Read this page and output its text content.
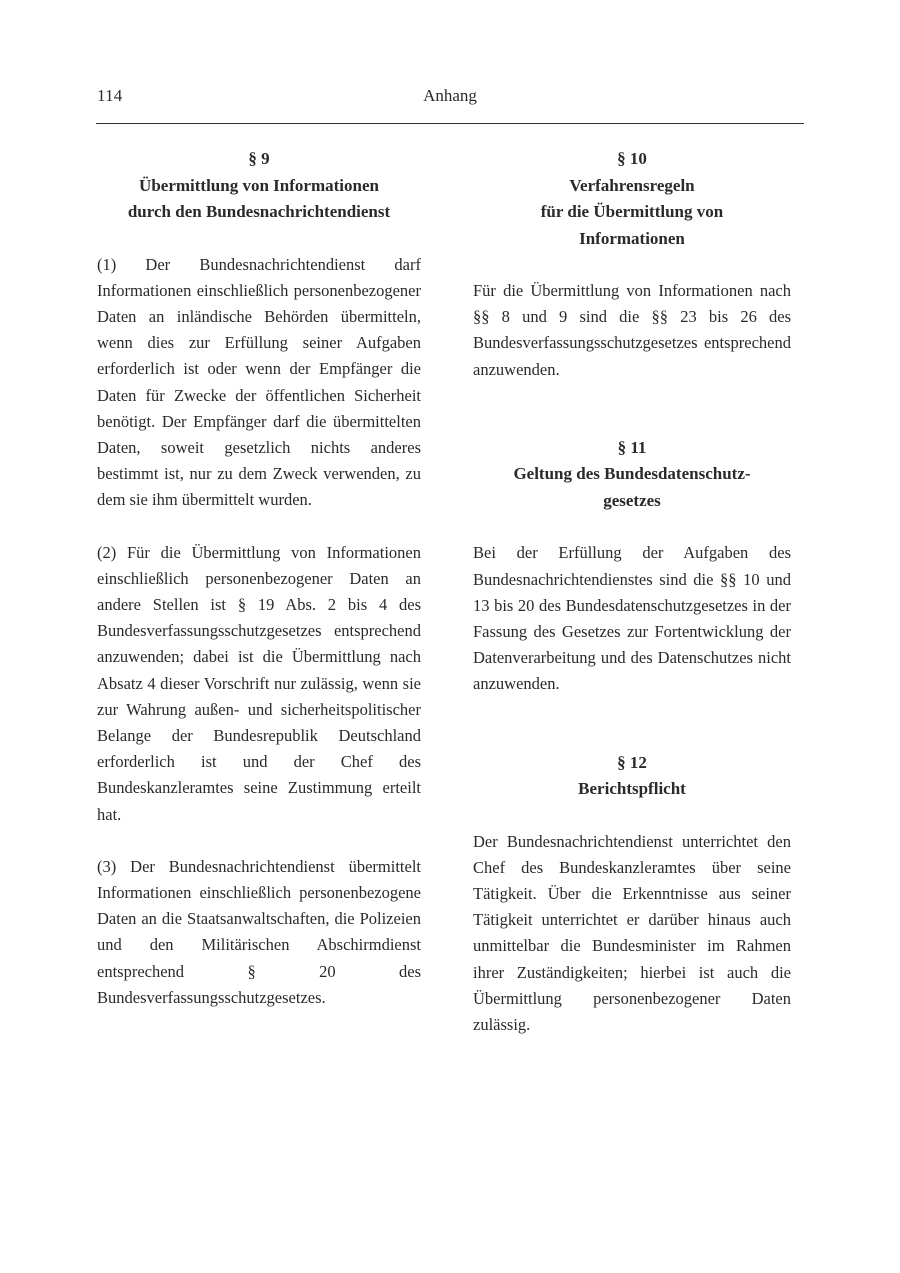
114	Anhang
§ 9
Übermittlung von Informationen
durch den Bundesnachrichtendienst

(1) Der Bundesnachrichtendienst darf Informationen einschließlich personenbezogener Daten an inländische Behörden übermitteln, wenn dies zur Erfüllung seiner Aufgaben erforderlich ist oder wenn der Empfänger die Daten für Zwecke der öffentlichen Sicherheit benötigt. Der Empfänger darf die übermittelten Daten, soweit gesetzlich nichts anderes bestimmt ist, nur zu dem Zweck verwenden, zu dem sie ihm übermittelt wurden.

(2) Für die Übermittlung von Informationen einschließlich personenbezogener Daten an andere Stellen ist § 19 Abs. 2 bis 4 des Bundesverfassungsschutzgesetzes entsprechend anzuwenden; dabei ist die Übermittlung nach Absatz 4 dieser Vorschrift nur zulässig, wenn sie zur Wahrung außen- und sicherheitspolitischer Belange der Bundesrepublik Deutschland erforderlich ist und der Chef des Bundeskanzleramtes seine Zustimmung erteilt hat.

(3) Der Bundesnachrichtendienst übermittelt Informationen einschließlich personenbezogene Daten an die Staatsanwaltschaften, die Polizeien und den Militärischen Abschirmdienst entsprechend § 20 des Bundesverfassungsschutzgesetzes.

§ 10
Verfahrensregeln
für die Übermittlung von
Informationen

Für die Übermittlung von Informationen nach §§ 8 und 9 sind die §§ 23 bis 26 des Bundesverfassungsschutzgesetzes entsprechend anzuwenden.

§ 11
Geltung des Bundesdatenschutz-
gesetzes

Bei der Erfüllung der Aufgaben des Bundesnachrichtendienstes sind die §§ 10 und 13 bis 20 des Bundesdatenschutzgesetzes in der Fassung des Gesetzes zur Fortentwicklung der Datenverarbeitung und des Datenschutzes nicht anzuwenden.

§ 12
Berichtspflicht

Der Bundesnachrichtendienst unterrichtet den Chef des Bundeskanzleramtes über seine Tätigkeit. Über die Erkenntnisse aus seiner Tätigkeit unterrichtet er darüber hinaus auch unmittelbar die Bundesminister im Rahmen ihrer Zuständigkeiten; hierbei ist auch die Übermittlung personenbezogener Daten zulässig.
